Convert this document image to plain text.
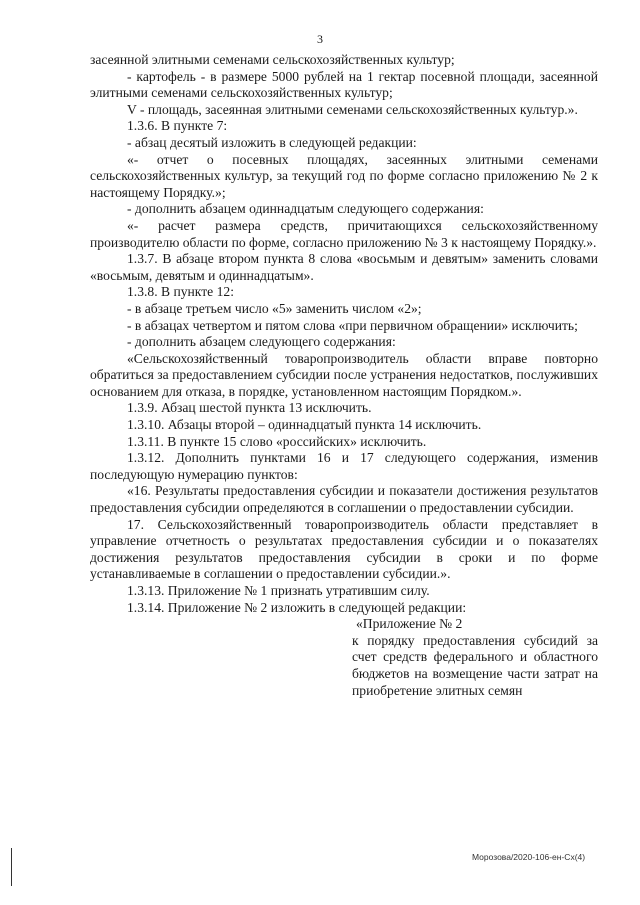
3

засеянной элитными семенами сельскохозяйственных культур;

- картофель - в размере 5000 рублей на 1 гектар посевной площади, засеянной элитными семенами сельскохозяйственных культур;

V - площадь, засеянная элитными семенами сельскохозяйственных культур.».

1.3.6. В пункте 7:

- абзац десятый изложить в следующей редакции:

«- отчет о посевных площадях, засеянных элитными семенами сельскохозяйственных культур, за текущий год по форме согласно приложению № 2 к настоящему Порядку.»;

- дополнить абзацем одиннадцатым следующего содержания:

«- расчет размера средств, причитающихся сельскохозяйственному производителю области по форме, согласно приложению № 3 к настоящему Порядку.».

1.3.7. В абзаце втором пункта 8 слова «восьмым и девятым» заменить словами «восьмым, девятым и одиннадцатым».

1.3.8. В пункте 12:

- в абзаце третьем число «5» заменить числом «2»;

- в абзацах четвертом и пятом слова «при первичном обращении» исключить;

- дополнить абзацем следующего содержания:

«Сельскохозяйственный товаропроизводитель области вправе повторно обратиться за предоставлением субсидии после устранения недостатков, послуживших основанием для отказа, в порядке, установленном настоящим Порядком.».

1.3.9. Абзац шестой пункта 13 исключить.

1.3.10. Абзацы второй – одиннадцатый пункта 14 исключить.

1.3.11. В пункте 15 слово «российских» исключить.

1.3.12. Дополнить пунктами 16 и 17 следующего содержания, изменив последующую нумерацию пунктов:

«16. Результаты предоставления субсидии и показатели достижения результатов предоставления субсидии определяются в соглашении о предоставлении субсидии.

17. Сельскохозяйственный товаропроизводитель области представляет в управление отчетность о результатах предоставления субсидии и о показателях достижения результатов предоставления субсидии в сроки и по форме устанавливаемые в соглашении о предоставлении субсидии.».

1.3.13. Приложение № 1 признать утратившим силу.

1.3.14. Приложение № 2 изложить в следующей редакции:

«Приложение № 2

к порядку предоставления субсидий за счет средств федерального и областного бюджетов на возмещение части затрат на приобретение элитных семян

Морозова/2020-106-ен-Сх(4)
